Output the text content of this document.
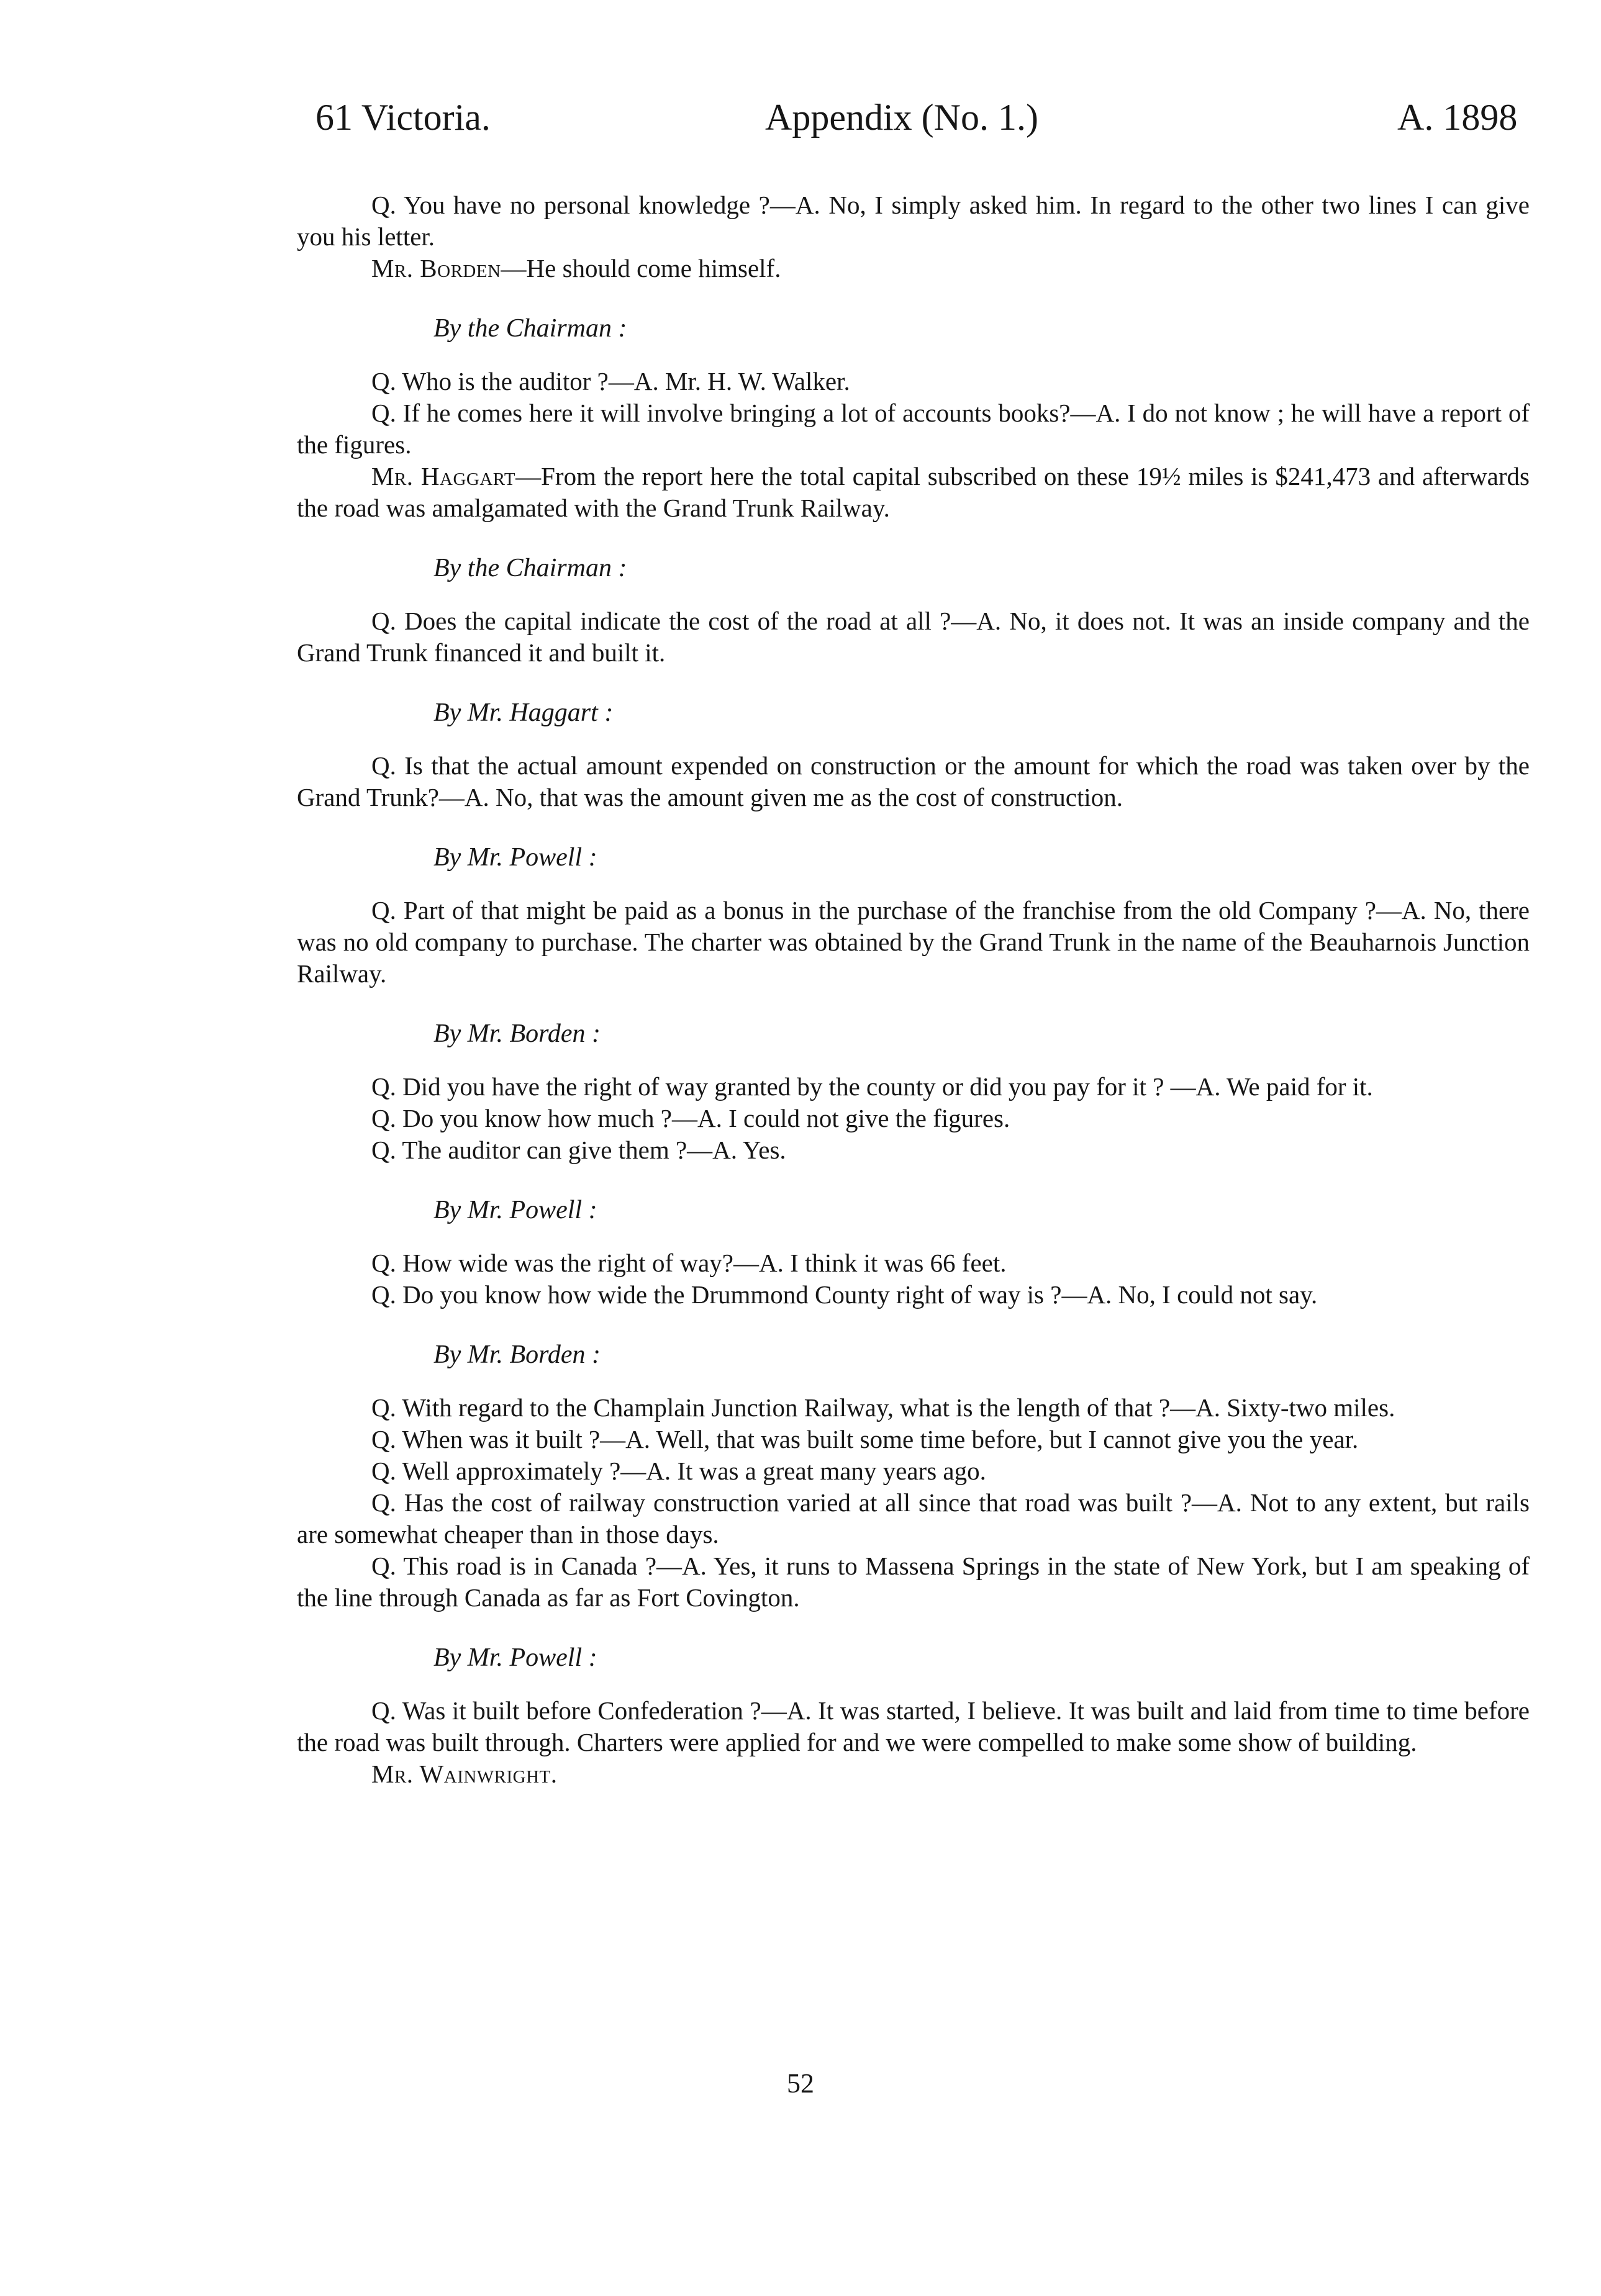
61 Victoria.	Appendix (No. 1.)	A. 1898

Q. You have no personal knowledge ?—A. No, I simply asked him. In regard to the other two lines I can give you his letter.

Mr. Borden—He should come himself.

By the Chairman :

Q. Who is the auditor ?—A. Mr. H. W. Walker.

Q. If he comes here it will involve bringing a lot of accounts books?—A. I do not know ; he will have a report of the figures.

Mr. Haggart—From the report here the total capital subscribed on these 19½ miles is $241,473 and afterwards the road was amalgamated with the Grand Trunk Railway.

By the Chairman :

Q. Does the capital indicate the cost of the road at all ?—A. No, it does not. It was an inside company and the Grand Trunk financed it and built it.

By Mr. Haggart :

Q. Is that the actual amount expended on construction or the amount for which the road was taken over by the Grand Trunk?—A. No, that was the amount given me as the cost of construction.

By Mr. Powell :

Q. Part of that might be paid as a bonus in the purchase of the franchise from the old Company ?—A. No, there was no old company to purchase. The charter was obtained by the Grand Trunk in the name of the Beauharnois Junction Railway.

By Mr. Borden :

Q. Did you have the right of way granted by the county or did you pay for it ? —A. We paid for it.

Q. Do you know how much ?—A. I could not give the figures.

Q. The auditor can give them ?—A. Yes.

By Mr. Powell :

Q. How wide was the right of way?—A. I think it was 66 feet.

Q. Do you know how wide the Drummond County right of way is ?—A. No, I could not say.

By Mr. Borden :

Q. With regard to the Champlain Junction Railway, what is the length of that ?—A. Sixty-two miles.

Q. When was it built ?—A. Well, that was built some time before, but I cannot give you the year.

Q. Well approximately ?—A. It was a great many years ago.

Q. Has the cost of railway construction varied at all since that road was built ?—A. Not to any extent, but rails are somewhat cheaper than in those days.

Q. This road is in Canada ?—A. Yes, it runs to Massena Springs in the state of New York, but I am speaking of the line through Canada as far as Fort Covington.

By Mr. Powell :

Q. Was it built before Confederation ?—A. It was started, I believe. It was built and laid from time to time before the road was built through. Charters were applied for and we were compelled to make some show of building.

Mr. Wainwright.

52
